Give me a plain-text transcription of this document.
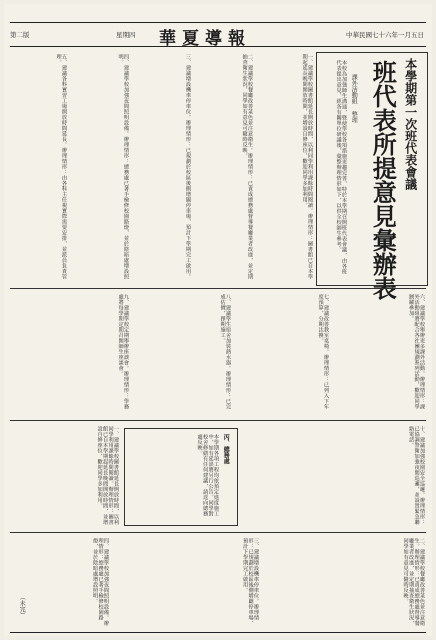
中華民國七十六年一月五日
星期四
第二版	華夏導報
本學期第一次班代表會議
班代表所提意見彙辦表
課外活動組 整理
本校為加強師生溝通，暨使學校各項措施更趨完善，特於本學期召開班代表會議，由各班代表提出意見，經各有關單位研議後，彙整辦理情形如下，以供全校師生參考。
一、建議學校圖書館延長開放時間，以利同學利用課餘時間閱讀。辦理情形：圖書館已自本學期起延長晚間開放時間，並增設自修座位，歡迎同學多加利用。
二、建議學校餐廳改善菜色並注意衛生。辦理情形：已責成總務處督導餐廳業者改進，並定期抽查衛生狀況，同學如有意見可隨時反映。
三、建議增設機車停車位。辦理情形：已規劃於校區後側增闢停車場，預計下學期完工啟用。
四、建議學校加強夜間照明設備。辦理情形：總務處已著手檢修校園路燈，並於陰暗處增設照明。
五、建議各科實習工場開放時間延長。辦理情形：由各科主任視實際需要安排，並派員負責管理。
六、建議學校舉辦更多課外活動。辦理情形：課外活動組將配合各社團規劃系列活動，歡迎同學踴躍參加。
七、建議改善教室桌椅。辦理情形：已列入下年度預算，分期汰換。
八、建議學生宿舍加裝熱水器。辦理情形：已完成估價，擇期施工。
九、建議學校定期舉辦座談會。辦理情形：學務處將每學期定期召開師生座談會。
十、建議加強校園安全巡邏。辦理情形：已協調警衛加強夜間巡邏，並設置緊急聯絡電話。
丙、總務處
本學期各項工程均依預定進度施工中，如有延誤將另行公告。同學對校舍修繕有任何建議，請逕向總務處反映。
一、建議學校圖書館延長開放時間，以利同學利用課餘時間閱讀。辦理情形：圖書館已自本學期起延長晚間開放時間，並增設自修座位，歡迎同學多加利用。
二、建議學校餐廳改善菜色並注意衛生。辦理情形：已責成總務處督導餐廳業者改進，並定期抽查衛生狀況，同學如有意見可隨時反映。
三、建議增設機車停車位。辦理情形：已規劃於校區後側增闢停車場，預計下學期完工啟用。
四、建議學校加強夜間照明設備。辦理情形：總務處已著手檢修校園路燈，並於陰暗處增設照明。
（未完）
